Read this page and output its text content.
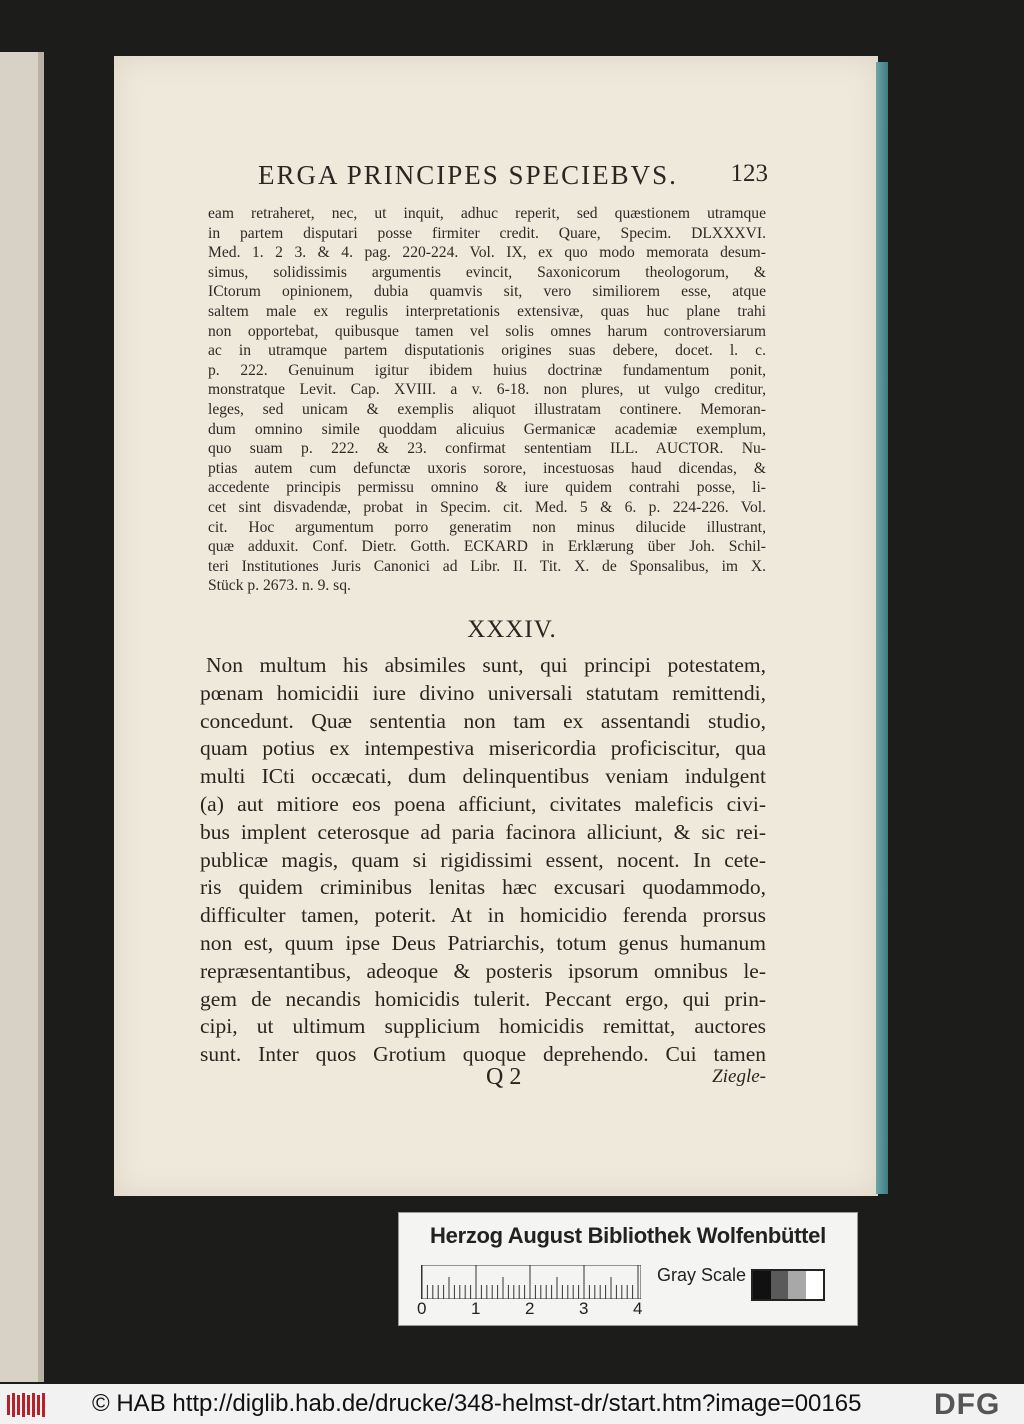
ERGA PRINCIPES SPECIEBVS. 123
eam retraheret, nec, ut inquit, adhuc reperit, sed quæstionem utramque
in partem disputari posse firmiter credit. Quare, Specim. DLXXXVI.
Med. 1. 2 3. & 4. pag. 220-224. Vol. IX, ex quo modo memorata desum-
simus, solidissimis argumentis evincit, Saxonicorum theologorum, &
ICtorum opinionem, dubia quamvis sit, vero similiorem esse, atque
saltem male ex regulis interpretationis extensivæ, quas huc plane trahi
non opportebat, quibusque tamen vel solis omnes harum controversiarum
ac in utramque partem disputationis origines suas debere, docet. l. c.
p. 222. Genuinum igitur ibidem huius doctrinæ fundamentum ponit,
monstratque Levit. Cap. XVIII. a v. 6-18. non plures, ut vulgo creditur,
leges, sed unicam & exemplis aliquot illustratam continere. Memoran-
dum omnino simile quoddam alicuius Germanicæ academiæ exemplum,
quo suam p. 222. & 23. confirmat sententiam ILL. AUCTOR. Nu-
ptias autem cum defunctæ uxoris sorore, incestuosas haud dicendas, &
accedente principis permissu omnino & iure quidem contrahi posse, li-
cet sint disvadendæ, probat in Specim. cit. Med. 5 & 6. p. 224-226. Vol.
cit. Hoc argumentum porro generatim non minus dilucide illustrant,
quæ adduxit. Conf. Dietr. Gotth. ECKARD in Erklærung über Joh. Schil-
teri Institutiones Juris Canonici ad Libr. II. Tit. X. de Sponsalibus, im X.
Stück p. 2673. n. 9. sq.
XXXIV.
Non multum his absimiles sunt, qui principi potestatem,
pœnam homicidii iure divino universali statutam remittendi,
concedunt. Quæ sententia non tam ex assentandi studio,
quam potius ex intempestiva misericordia proficiscitur, qua
multi ICti occæcati, dum delinquentibus veniam indulgent
(a) aut mitiore eos poena afficiunt, civitates maleficis civi-
bus implent ceterosque ad paria facinora alliciunt, & sic rei-
publicæ magis, quam si rigidissimi essent, nocent. In cete-
ris quidem criminibus lenitas hæc excusari quodammodo,
difficulter tamen, poterit. At in homicidio ferenda prorsus
non est, quum ipse Deus Patriarchis, totum genus humanum
repræsentantibus, adeoque & posteris ipsorum omnibus le-
gem de necandis homicidis tulerit. Peccant ergo, qui prin-
cipi, ut ultimum supplicium homicidis remittat, auctores
sunt. Inter quos Grotium quoque deprehendo. Cui tamen
Q 2	Ziegle-
Herzog August Bibliothek Wolfenbüttel
0	1	2	3	4
Gray Scale
© HAB http://diglib.hab.de/drucke/348-helmst-dr/start.htm?image=00165 DFG
